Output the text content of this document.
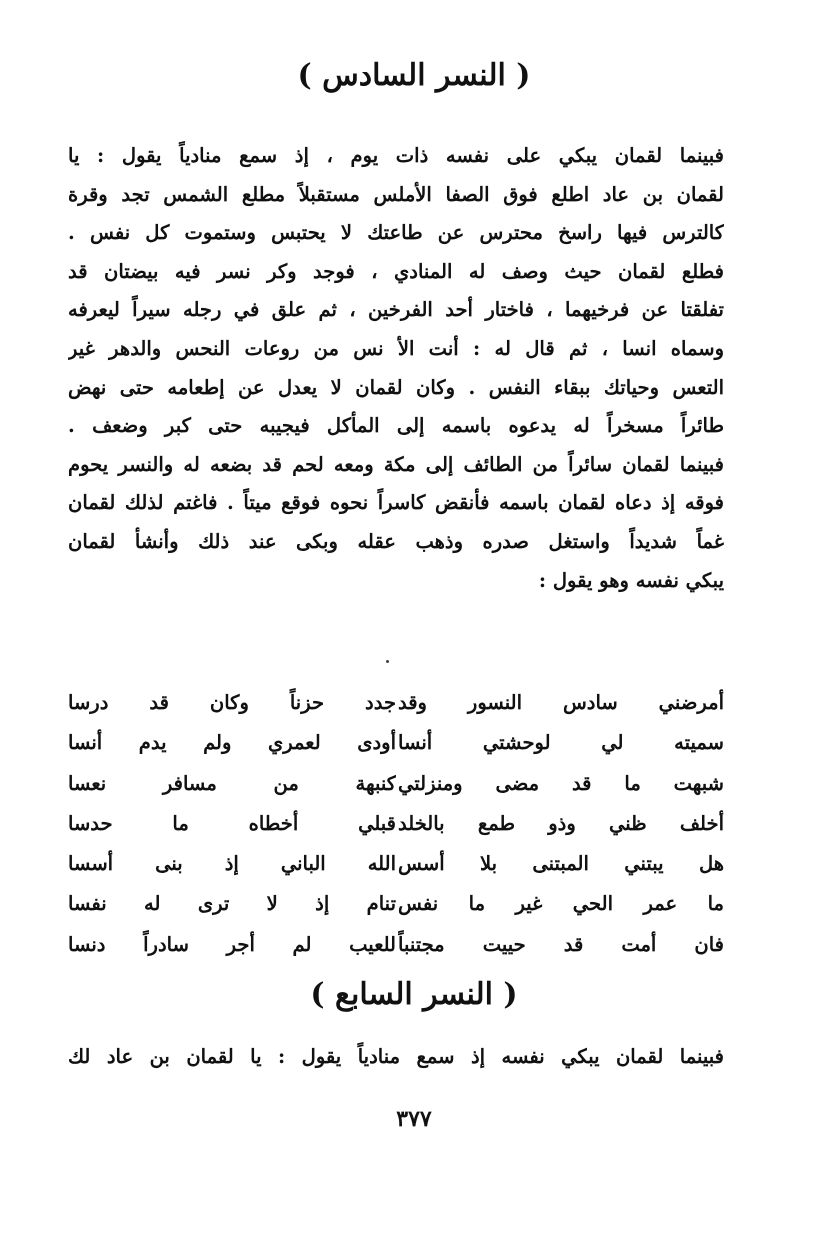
( النسر السادس )
فبينما لقمان يبكي على نفسه ذات يوم ، إذ سمع منادياً يقول : يا
لقمان بن عاد اطلع فوق الصفا الأملس مستقبلاً مطلع الشمس تجد وقرة
كالترس فيها راسخ محترس عن طاعتك لا يحتبس وستموت كل نفس .
فطلع لقمان حيث وصف له المنادي ، فوجد وكر نسر فيه بيضتان قد
تفلقتا عن فرخيهما ، فاختار أحد الفرخين ، ثم علق في رجله سيراً ليعرفه
وسماه انسا ، ثم قال له : أنت الأ نس من روعات النحس والدهر غير
التعس وحياتك ببقاء النفس . وكان لقمان لا يعدل عن إطعامه حتى نهض
طائراً مسخراً له يدعوه باسمه إلى المأكل فيجيبه حتى كبر وضعف .
فبينما لقمان سائراً من الطائف إلى مكة ومعه لحم قد بضعه له والنسر يحوم
فوقه إذ دعاه لقمان باسمه فأنقض كاسراً نحوه فوقع ميتاً . فاغتم لذلك لقمان
غماً شديداً واستغل صدره وذهب عقله وبكى عند ذلك وأنشأ لقمان
يبكي نفسه وهو يقول :
أمرضني سادس النسور وقد
جدد حزناً وكان قد درسا
سميته لي لوحشتي أنسا
أودى لعمري ولم يدم أنسا
شبهت ما قد مضى ومنزلتي
كنبهة من مسافر نعسا
أخلف ظني وذو طمع بالخلد
قبلي أخطاه ما حدسا
هل يبتني المبتنى بلا أسس
الله الباني إذ بنى أسسا
ما عمر الحي غير ما نفس
تنام إذ لا ترى له نفسا
فان أمت قد حييت مجتنباً
للعيب لم أجر سادراً دنسا
( النسر السابع )
فبينما لقمان يبكي نفسه إذ سمع منادياً يقول : يا لقمان بن عاد لك
٣٧٧
